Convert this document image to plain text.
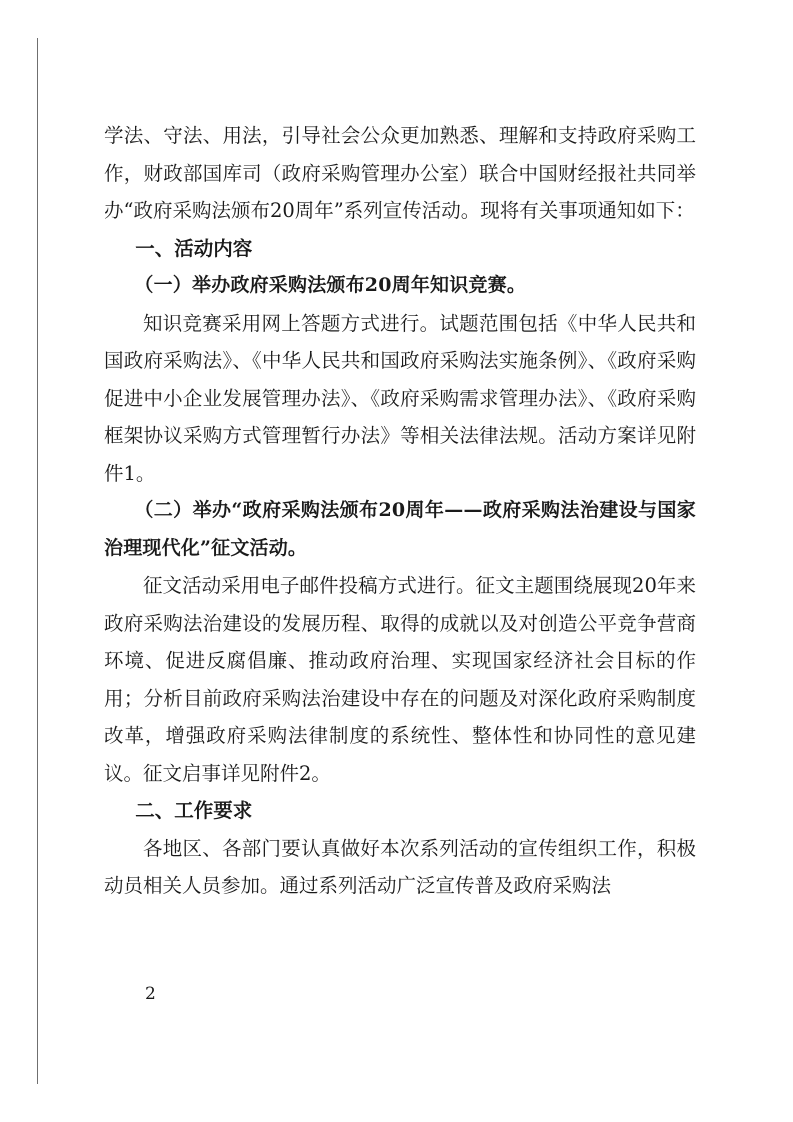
学法、守法、用法，引导社会公众更加熟悉、理解和支持政府采购工作，财政部国库司（政府采购管理办公室）联合中国财经报社共同举办“政府采购法颁布20周年”系列宣传活动。现将有关事项通知如下：

一、活动内容

（一）举办政府采购法颁布20周年知识竞赛。

知识竞赛采用网上答题方式进行。试题范围包括《中华人民共和国政府采购法》、《中华人民共和国政府采购法实施条例》、《政府采购促进中小企业发展管理办法》、《政府采购需求管理办法》、《政府采购框架协议采购方式管理暂行办法》等相关法律法规。活动方案详见附件1。

（二）举办“政府采购法颁布20周年——政府采购法治建设与国家治理现代化”征文活动。

征文活动采用电子邮件投稿方式进行。征文主题围绕展现20年来政府采购法治建设的发展历程、取得的成就以及对创造公平竞争营商环境、促进反腐倡廉、推动政府治理、实现国家经济社会目标的作用；分析目前政府采购法治建设中存在的问题及对深化政府采购制度改革，增强政府采购法律制度的系统性、整体性和协同性的意见建议。征文启事详见附件2。

二、工作要求

各地区、各部门要认真做好本次系列活动的宣传组织工作，积极动员相关人员参加。通过系列活动广泛宣传普及政府采购法

2
